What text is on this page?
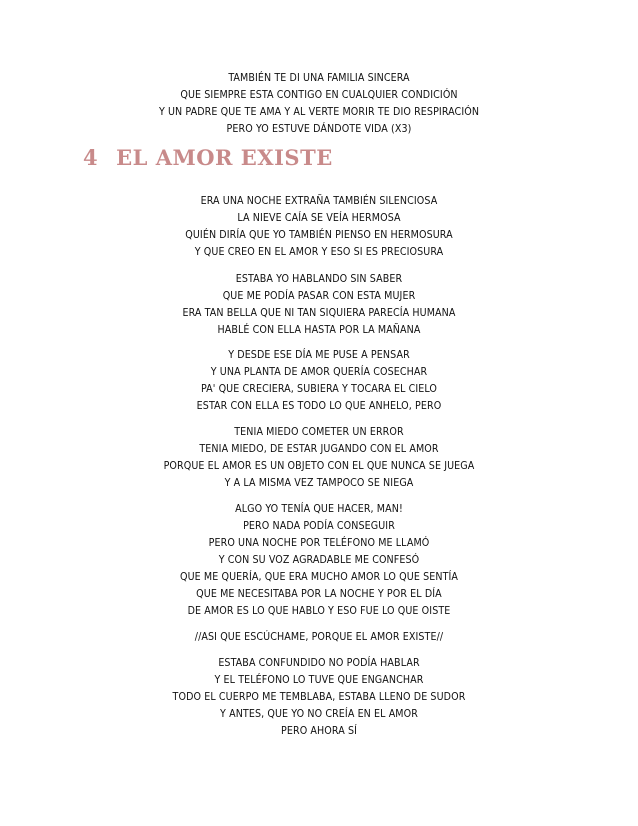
TAMBIÉN TE DI UNA FAMILIA SINCERA
QUE SIEMPRE ESTA CONTIGO EN CUALQUIER CONDICIÓN
Y UN PADRE QUE TE AMA Y AL VERTE MORIR TE DIO RESPIRACIÓN
PERO YO ESTUVE DÁNDOTE VIDA (X3)
4 EL AMOR EXISTE
ERA UNA NOCHE EXTRAÑA TAMBIÉN SILENCIOSA
LA NIEVE CAÍA SE VEÍA HERMOSA
QUIÉN DIRÍA QUE YO TAMBIÉN PIENSO EN HERMOSURA
Y QUE CREO EN EL AMOR Y ESO SI ES PRECIOSURA
ESTABA YO HABLANDO SIN SABER
QUE ME PODÍA PASAR CON ESTA MUJER
ERA TAN BELLA QUE NI TAN SIQUIERA PARECÍA HUMANA
HABLÉ CON ELLA HASTA POR LA MAÑANA
Y DESDE ESE DÍA ME PUSE A PENSAR
Y UNA PLANTA DE AMOR QUERÍA COSECHAR
PA' QUE CRECIERA, SUBIERA Y TOCARA EL CIELO
ESTAR CON ELLA ES TODO LO QUE ANHELO, PERO
TENIA MIEDO COMETER UN ERROR
TENIA MIEDO, DE ESTAR JUGANDO CON EL AMOR
PORQUE EL AMOR ES UN OBJETO CON EL QUE NUNCA SE JUEGA
Y A LA MISMA VEZ TAMPOCO SE NIEGA
ALGO YO TENÍA QUE HACER, MAN!
PERO NADA PODÍA CONSEGUIR
PERO UNA NOCHE POR TELÉFONO ME LLAMÓ
Y CON SU VOZ AGRADABLE ME CONFESÓ
QUE ME QUERÍA, QUE ERA MUCHO AMOR LO QUE SENTÍA
QUE ME NECESITABA POR LA NOCHE Y POR EL DÍA
DE AMOR ES LO QUE HABLO Y ESO FUE LO QUE OISTE
//ASI QUE ESCÚCHAME, PORQUE EL AMOR EXISTE//
ESTABA CONFUNDIDO NO PODÍA HABLAR
Y EL TELÉFONO LO TUVE QUE ENGANCHAR
TODO EL CUERPO ME TEMBLABA, ESTABA LLENO DE SUDOR
Y ANTES, QUE YO NO CREÍA EN EL AMOR
PERO AHORA SÍ
